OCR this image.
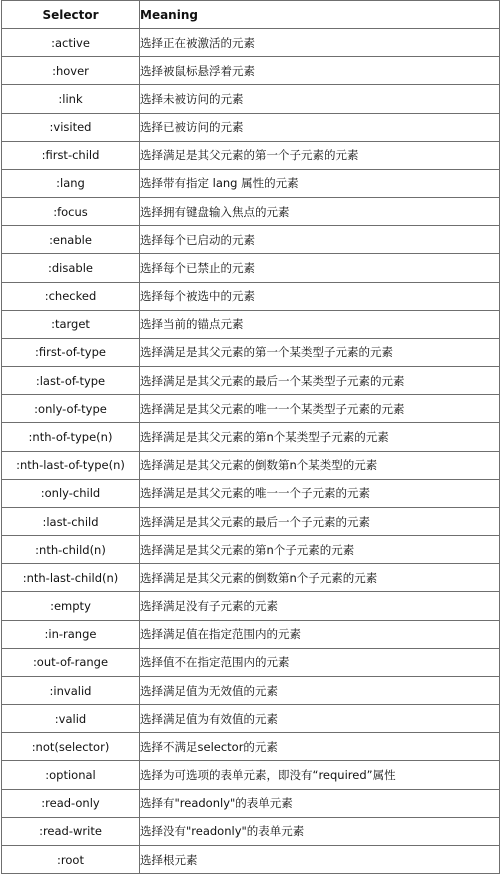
Selector	Meaning
:active	选择正在被激活的元素
:hover	选择被鼠标悬浮着元素
:link	选择未被访问的元素
:visited	选择已被访问的元素
:first-child	选择满足是其父元素的第一个子元素的元素
:lang	选择带有指定 lang 属性的元素
:focus	选择拥有键盘输入焦点的元素
:enable	选择每个已启动的元素
:disable	选择每个已禁止的元素
:checked	选择每个被选中的元素
:target	选择当前的锚点元素
:first-of-type	选择满足是其父元素的第一个某类型子元素的元素
:last-of-type	选择满足是其父元素的最后一个某类型子元素的元素
:only-of-type	选择满足是其父元素的唯一一个某类型子元素的元素
:nth-of-type(n)	选择满足是其父元素的第n个某类型子元素的元素
:nth-last-of-type(n)	选择满足是其父元素的倒数第n个某类型的元素
:only-child	选择满足是其父元素的唯一一个子元素的元素
:last-child	选择满足是其父元素的最后一个子元素的元素
:nth-child(n)	选择满足是其父元素的第n个子元素的元素
:nth-last-child(n)	选择满足是其父元素的倒数第n个子元素的元素
:empty	选择满足没有子元素的元素
:in-range	选择满足值在指定范围内的元素
:out-of-range	选择值不在指定范围内的元素
:invalid	选择满足值为无效值的元素
:valid	选择满足值为有效值的元素
:not(selector)	选择不满足selector的元素
:optional	选择为可选项的表单元素，即没有“required”属性
:read-only	选择有"readonly"的表单元素
:read-write	选择没有"readonly"的表单元素
:root	选择根元素
